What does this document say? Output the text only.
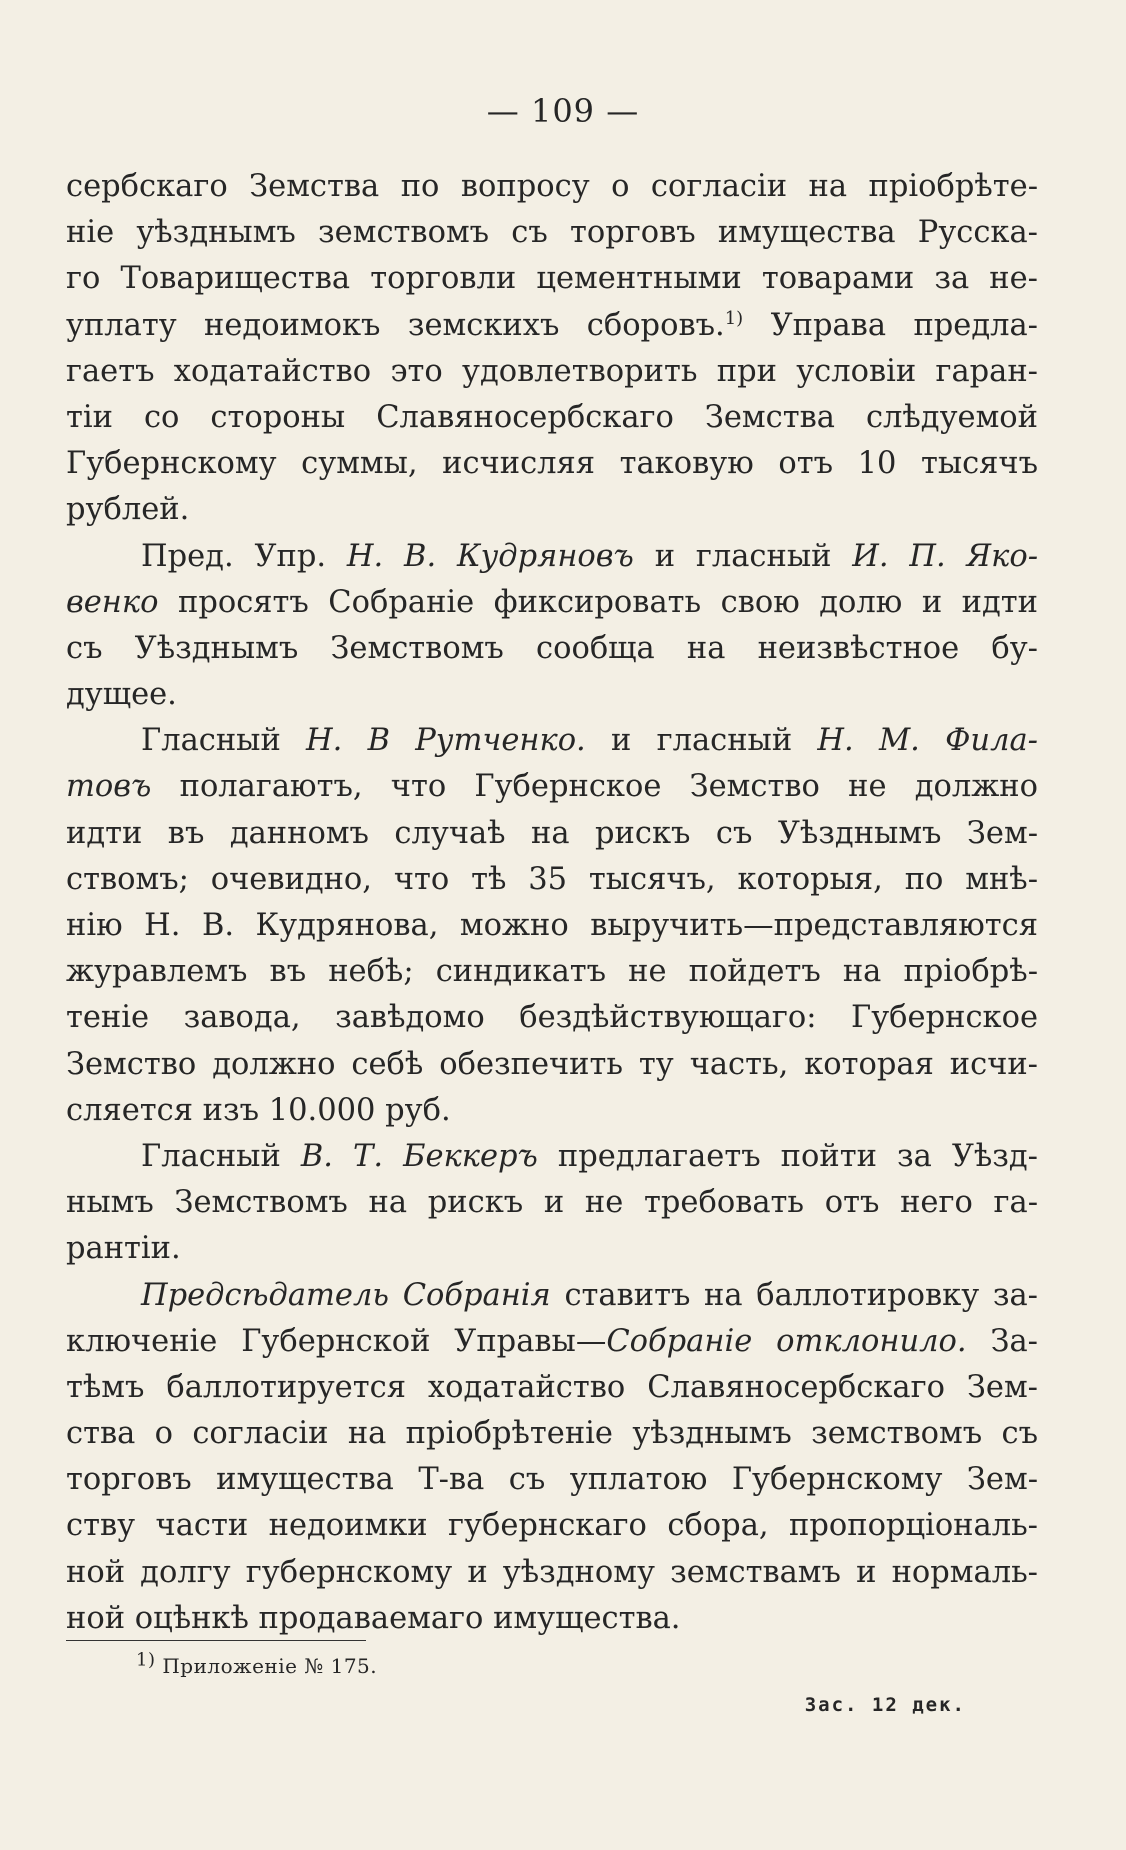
— 109 —
сербскаго Земства по вопросу о согласіи на пріобрѣте-
ніе уѣзднымъ земствомъ съ торговъ имущества Русска-
го Товарищества торговли цементными товарами за не-
уплату недоимокъ земскихъ сборовъ.$^{1)}$ Управа предла-
гаетъ ходатайство это удовлетворить при условіи гаран-
тіи со стороны Славяносербскаго Земства слѣдуемой
Губернскому суммы, исчисляя таковую отъ 10 тысячъ
рублей.
Пред. Упр. Н. В. Кудряновъ и гласный И. П. Яко-
венко просятъ Собраніе фиксировать свою долю и идти
съ Уѣзднымъ Земствомъ сообща на неизвѣстное бу-
дущее.
Гласный Н. В Рутченко. и гласный Н. М. Фила-
товъ полагаютъ, что Губернское Земство не должно
идти въ данномъ случаѣ на рискъ съ Уѣзднымъ Зем-
ствомъ; очевидно, что тѣ 35 тысячъ, которыя, по мнѣ-
нію Н. В. Кудрянова, можно выручить—представляются
журавлемъ въ небѣ; синдикатъ не пойдетъ на пріобрѣ-
теніе завода, завѣдомо бездѣйствующаго: Губернское
Земство должно себѣ обезпечить ту часть, которая исчи-
сляется изъ 10.000 руб.
Гласный В. Т. Беккеръ предлагаетъ пойти за Уѣзд-
нымъ Земствомъ на рискъ и не требовать отъ него га-
рантіи.
Предсѣдатель Собранія ставитъ на баллотировку за-
ключеніе Губернской Управы—Собраніе отклонило. За-
тѣмъ баллотируется ходатайство Славяносербскаго Зем-
ства о согласіи на пріобрѣтеніе уѣзднымъ земствомъ съ
торговъ имущества Т-ва съ уплатою Губернскому Зем-
ству части недоимки губернскаго сбора, пропорціональ-
ной долгу губернскому и уѣздному земствамъ и нормаль-
ной оцѣнкѣ продаваемаго имущества.
1) Приложеніе № 175.
Зас. 12 дек.
